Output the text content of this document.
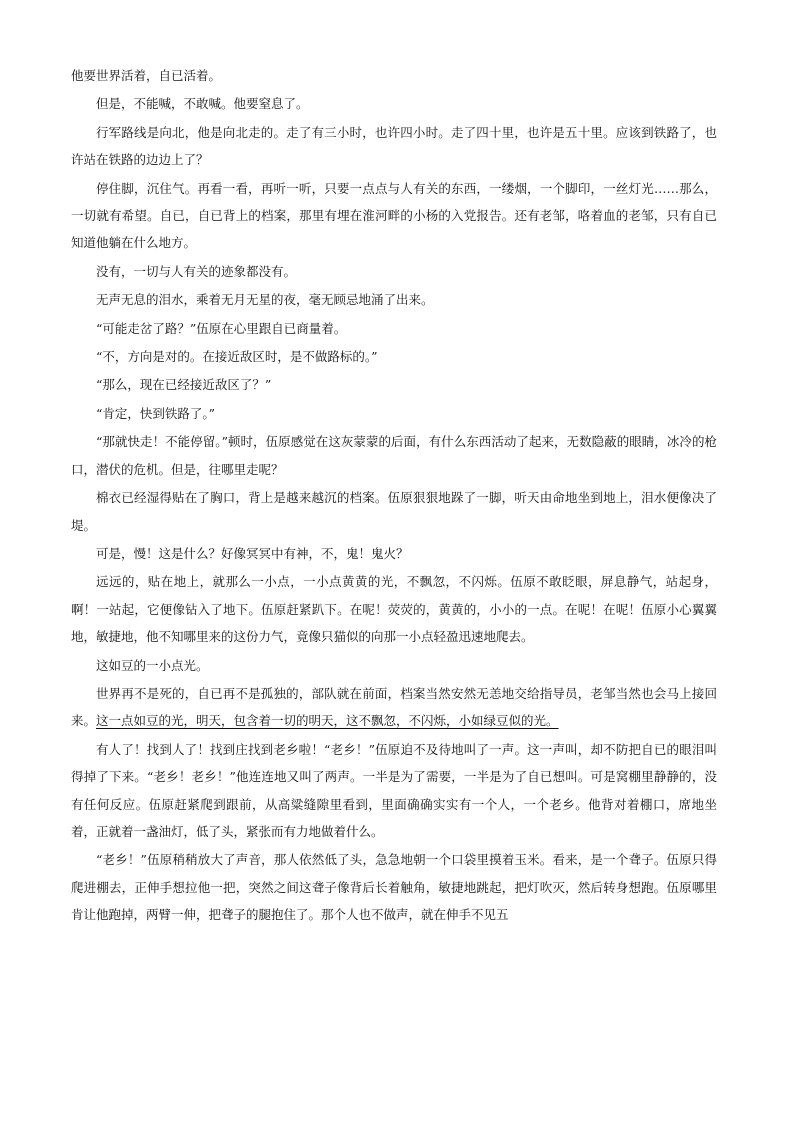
他要世界活着，自已活着。

但是，不能喊，不敢喊。他要窒息了。

行军路线是向北，他是向北走的。走了有三小时，也许四小时。走了四十里，也许是五十里。应该到铁路了，也许站在铁路的边边上了？

停住脚，沉住气。再看一看，再听一听，只要一点点与人有关的东西，一缕烟，一个脚印，一丝灯光……那么，一切就有希望。自已，自已背上的档案，那里有埋在淮河畔的小杨的入党报告。还有老邹，咯着血的老邹，只有自已知道他躺在什么地方。

没有，一切与人有关的迹象都没有。

无声无息的泪水，乘着无月无星的夜，毫无顾忌地涌了出来。

“可能走岔了路？”伍原在心里跟自已商量着。

“不，方向是对的。在接近敌区时，是不做路标的。”

“那么，现在已经接近敌区了？”

“肯定，快到铁路了。”

“那就快走！不能停留。”顿时，伍原感觉在这灰蒙蒙的后面，有什么东西活动了起来，无数隐蔽的眼睛，冰冷的枪口，潜伏的危机。但是，往哪里走呢？

棉衣已经湿得贴在了胸口，背上是越来越沉的档案。伍原狠狠地跺了一脚，听天由命地坐到地上，泪水便像决了堤。

可是，慢！这是什么？好像冥冥中有神，不，鬼！鬼火？

远远的，贴在地上，就那么一小点，一小点黄黄的光，不飘忽，不闪烁。伍原不敢眨眼，屏息静气，站起身，啊！一站起，它便像钻入了地下。伍原赶紧趴下。在呢！荧荧的，黄黄的，小小的一点。在呢！在呢！伍原小心翼翼地，敏捷地，他不知哪里来的这份力气，竟像只猫似的向那一小点轻盈迅速地爬去。

这如豆的一小点光。

世界再不是死的，自已再不是孤独的，部队就在前面，档案当然安然无恙地交给指导员，老邹当然也会马上接回来。这一点如豆的光，明天，包含着一切的明天，这不飘忽，不闪烁，小如绿豆似的光。

有人了！找到人了！找到庄找到老乡啦！“老乡！”伍原迫不及待地叫了一声。这一声叫，却不防把自已的眼泪叫得掉了下来。“老乡！老乡！”他连连地又叫了两声。一半是为了需要，一半是为了自已想叫。可是窝棚里静静的，没有任何反应。伍原赶紧爬到跟前，从高粱缝隙里看到，里面确确实实有一个人，一个老乡。他背对着棚口，席地坐着，正就着一盏油灯，低了头，紧张而有力地做着什么。

“老乡！”伍原稍稍放大了声音，那人依然低了头，急急地朝一个口袋里摸着玉米。看来，是一个聋子。伍原只得爬进棚去，正伸手想拉他一把，突然之间这聋子像背后长着触角，敏捷地跳起，把灯吹灭，然后转身想跑。伍原哪里肯让他跑掉，两臂一伸，把聋子的腿抱住了。那个人也不做声，就在伸手不见五
